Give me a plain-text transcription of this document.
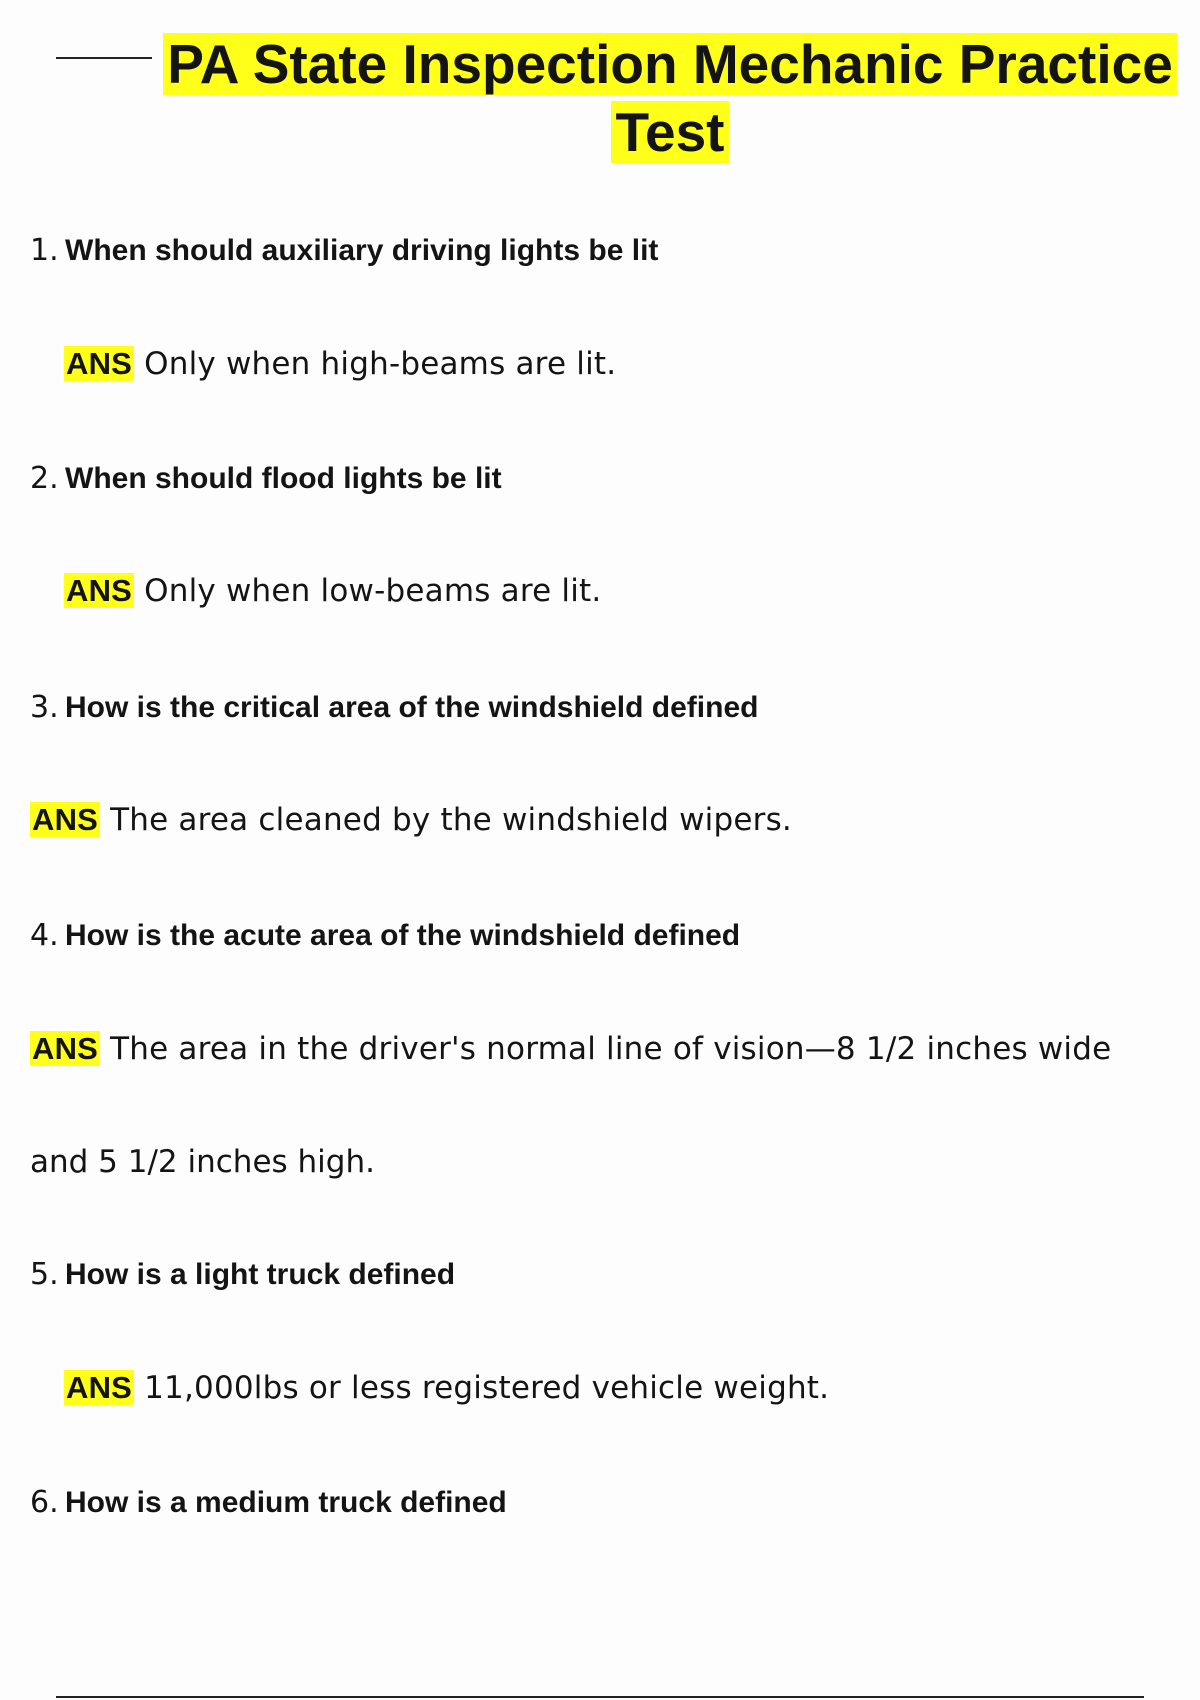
PA State Inspection Mechanic Practice
Test

1. When should auxiliary driving lights be lit

ANS Only when high-beams are lit.

2. When should flood lights be lit

ANS Only when low-beams are lit.

3. How is the critical area of the windshield defined

ANS The area cleaned by the windshield wipers.

4. How is the acute area of the windshield defined

ANS The area in the driver's normal line of vision—8 1/2 inches wide

and 5 1/2 inches high.

5. How is a light truck defined

ANS 11,000lbs or less registered vehicle weight.

6. How is a medium truck defined
